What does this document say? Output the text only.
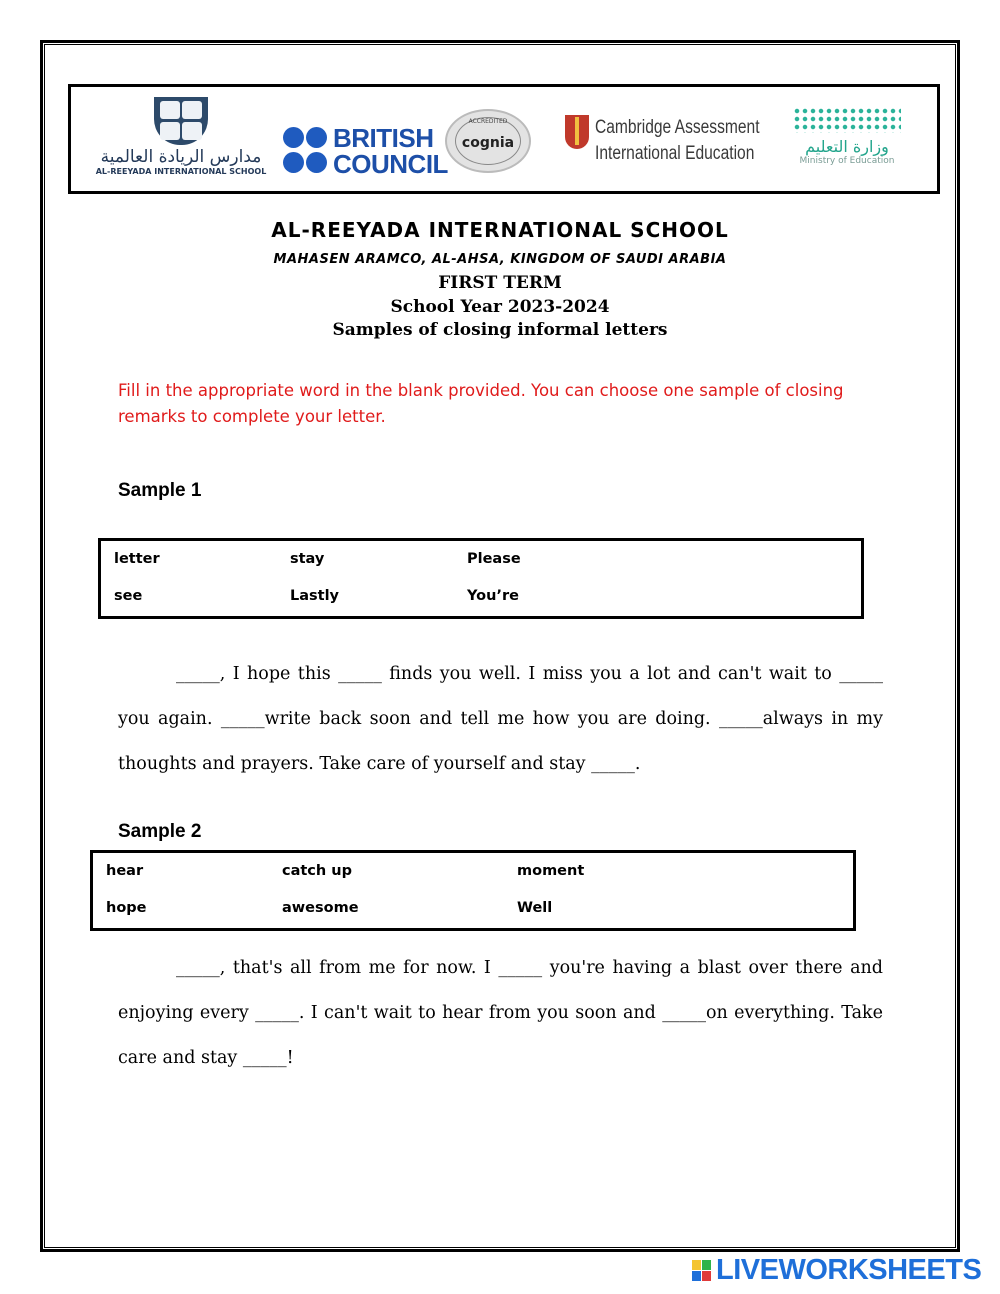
مدارس الريادة العالمية
AL-REEYADA INTERNATIONAL SCHOOL
BRITISH
COUNCIL
ACCREDITED
cognia
Cambridge Assessment
International Education	وزارة التعليم
Ministry of Education
AL-REEYADA INTERNATIONAL SCHOOL
MAHASEN ARAMCO, AL-AHSA, KINGDOM OF SAUDI ARABIA
FIRST TERM
School Year 2023-2024
Samples of closing informal letters
Fill in the appropriate word in the blank provided. You can choose one sample of closing remarks to complete your letter.
Sample 1
letter	stay	Please
see	Lastly	You’re

_____, I hope this _____ finds you well. I miss you a lot and can't wait to _____ you again. _____write back soon and tell me how you are doing. _____always in my thoughts and prayers. Take care of yourself and stay _____.

Sample 2
hear	catch up	moment
hope	awesome	Well

_____, that's all from me for now. I _____ you're having a blast over there and enjoying every _____. I can't wait to hear from you soon and _____on everything. Take care and stay _____!

LIVEWORKSHEETS
